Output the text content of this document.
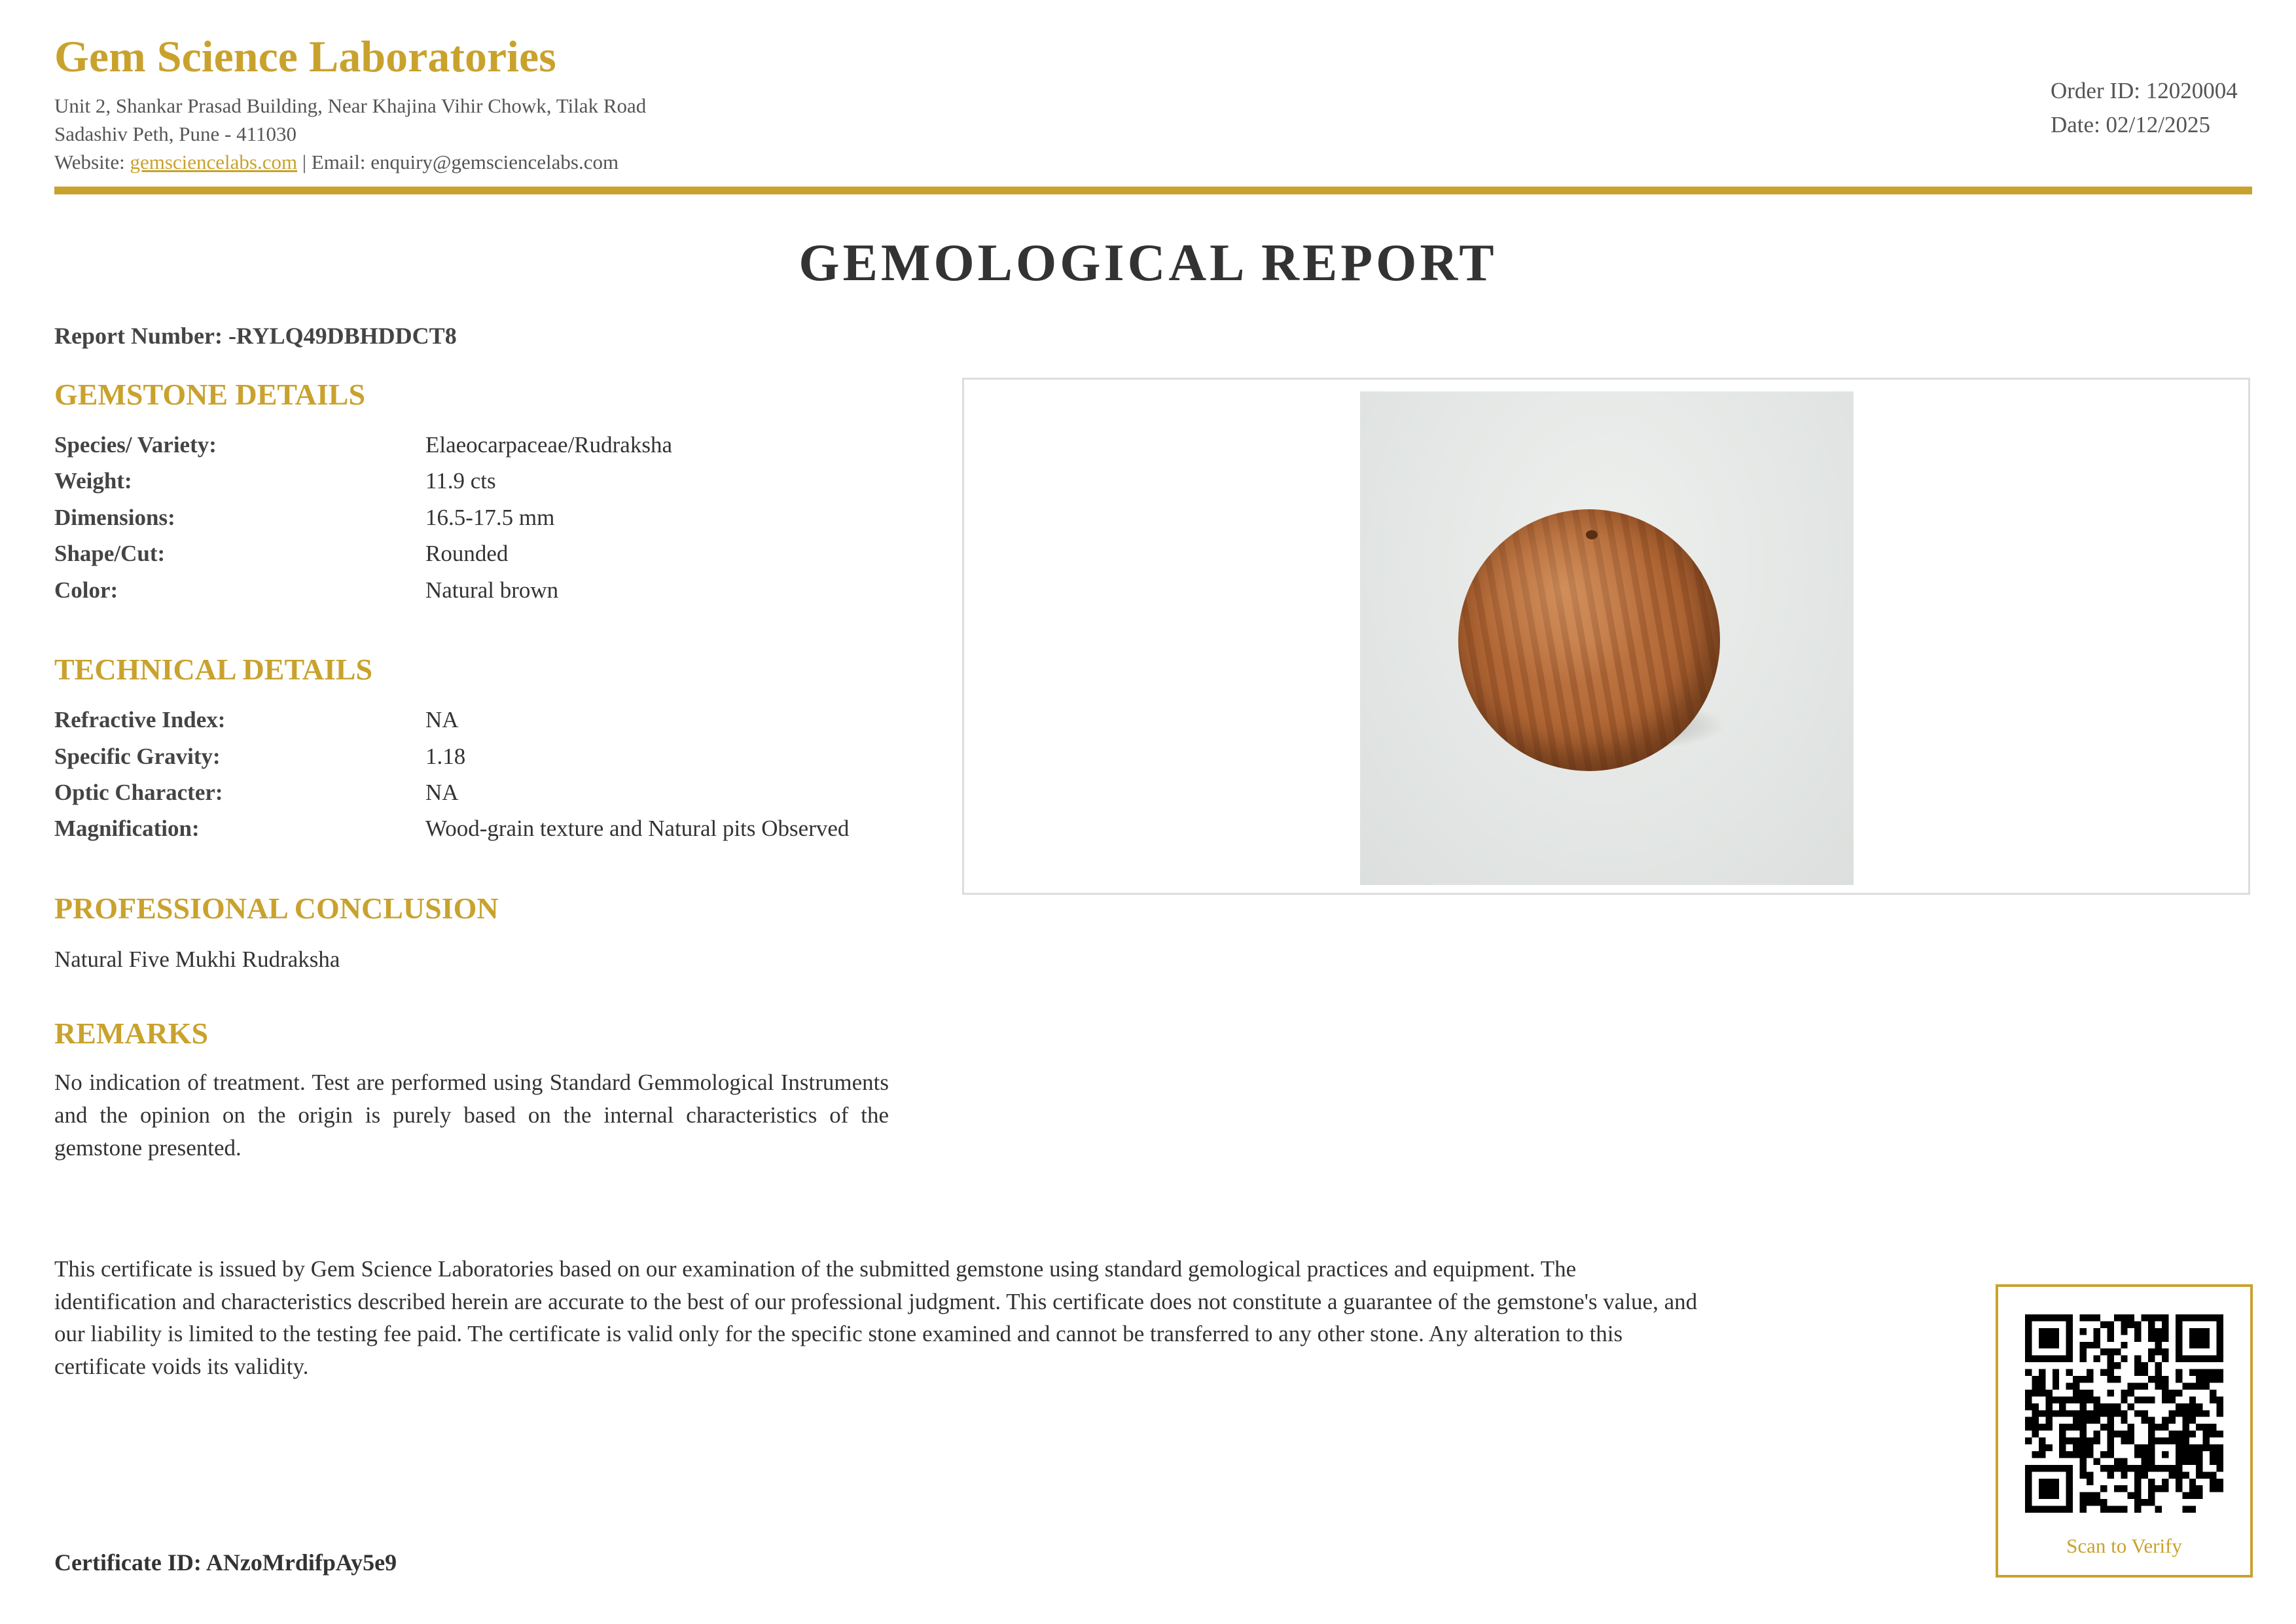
Gem Science Laboratories
Unit 2, Shankar Prasad Building, Near Khajina Vihir Chowk, Tilak Road
Sadashiv Peth, Pune - 411030
Website: gemsciencelabs.com | Email: enquiry@gemsciencelabs.com
Order ID: 12020004
Date: 02/12/2025
GEMOLOGICAL REPORT
Report Number: -RYLQ49DBHDDCT8
GEMSTONE DETAILS
Species/ Variety:	Elaeocarpaceae/Rudraksha
Weight:	11.9 cts
Dimensions:	16.5-17.5 mm
Shape/Cut:	Rounded
Color:	Natural brown
TECHNICAL DETAILS
Refractive Index:	NA
Specific Gravity:	1.18
Optic Character:	NA
Magnification:	Wood-grain texture and Natural pits Observed
PROFESSIONAL CONCLUSION
Natural Five Mukhi Rudraksha
REMARKS
No indication of treatment. Test are performed using Standard Gemmological Instruments and the opinion on the origin is purely based on the internal characteristics of the gemstone presented.
This certificate is issued by Gem Science Laboratories based on our examination of the submitted gemstone using standard gemological practices and equipment. The identification and characteristics described herein are accurate to the best of our professional judgment. This certificate does not constitute a guarantee of the gemstone's value, and our liability is limited to the testing fee paid. The certificate is valid only for the specific stone examined and cannot be transferred to any other stone. Any alteration to this certificate voids its validity.
Certificate ID: ANzoMrdifpAy5e9
Scan to Verify
